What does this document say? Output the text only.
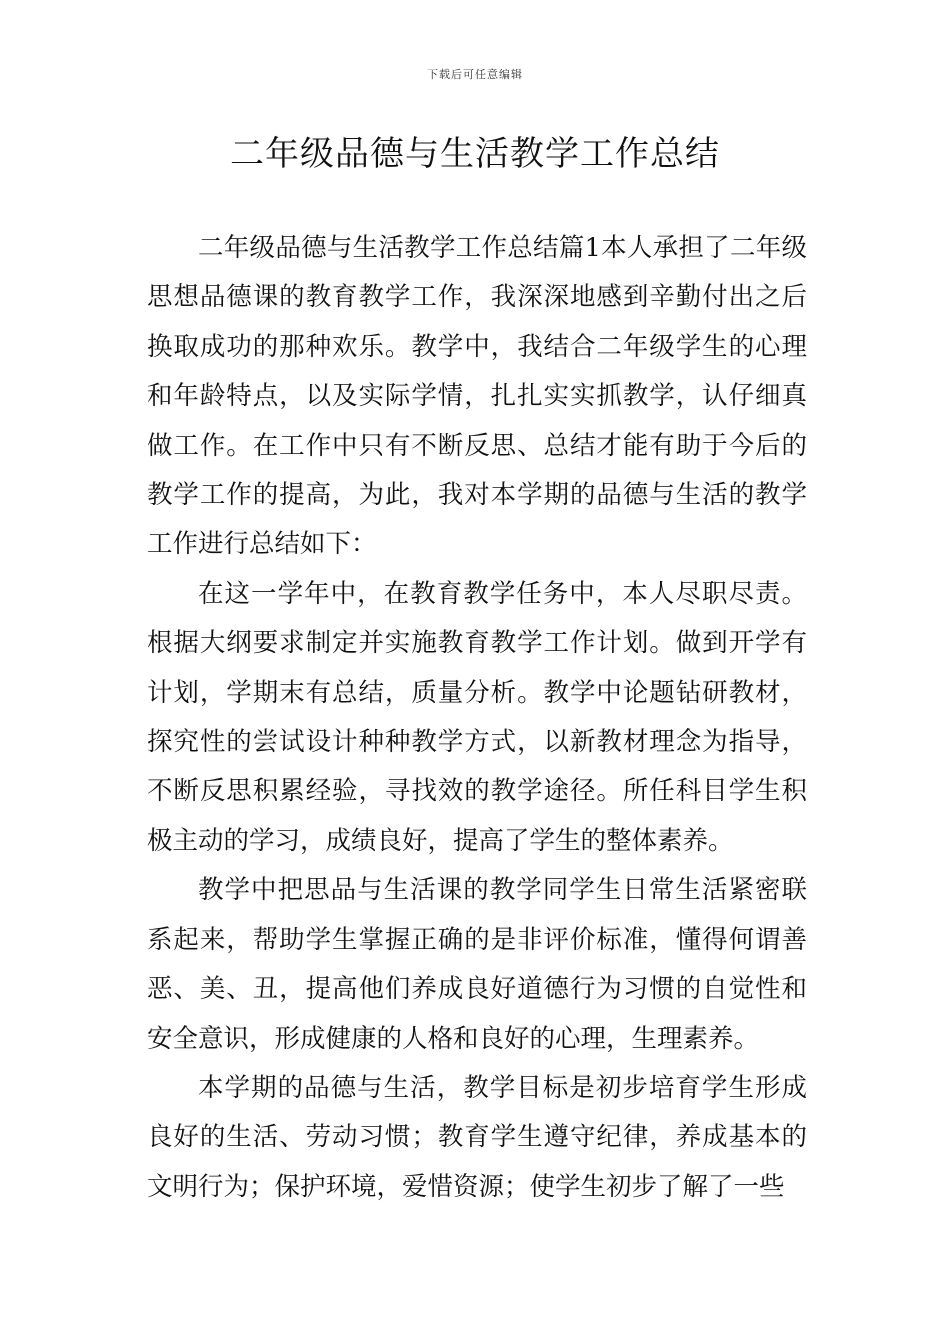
下载后可任意编辑
二年级品德与生活教学工作总结

二年级品德与生活教学工作总结篇1本人承担了二年级思想品德课的教育教学工作，我深深地感到辛勤付出之后换取成功的那种欢乐。教学中，我结合二年级学生的心理和年龄特点，以及实际学情，扎扎实实抓教学，认仔细真做工作。在工作中只有不断反思、总结才能有助于今后的教学工作的提高，为此，我对本学期的品德与生活的教学工作进行总结如下：

在这一学年中，在教育教学任务中，本人尽职尽责。根据大纲要求制定并实施教育教学工作计划。做到开学有计划，学期末有总结，质量分析。教学中论题钻研教材，探究性的尝试设计种种教学方式，以新教材理念为指导，不断反思积累经验，寻找效的教学途径。所任科目学生积极主动的学习，成绩良好，提高了学生的整体素养。

教学中把思品与生活课的教学同学生日常生活紧密联系起来，帮助学生掌握正确的是非评价标准，懂得何谓善恶、美、丑，提高他们养成良好道德行为习惯的自觉性和安全意识，形成健康的人格和良好的心理，生理素养。

本学期的品德与生活，教学目标是初步培育学生形成良好的生活、劳动习惯；教育学生遵守纪律，养成基本的文明行为；保护环境，爱惜资源；使学生初步了解了一些
